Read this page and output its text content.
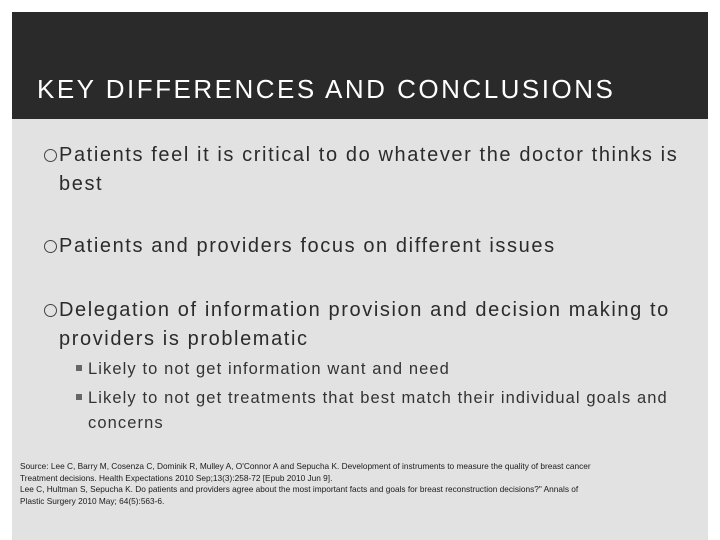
KEY DIFFERENCES AND CONCLUSIONS
Patients feel it is critical to do whatever the doctor thinks is best
Patients and providers focus on different issues
Delegation of information provision and decision making to providers is problematic
Likely to not get information want and need
Likely to not get treatments that best match their individual goals and concerns
Source: Lee C, Barry M, Cosenza C, Dominik R, Mulley A, O'Connor A and Sepucha K. Development of instruments to measure the quality of breast cancer
Treatment decisions. Health Expectations 2010 Sep;13(3):258-72 [Epub 2010 Jun 9].
Lee C, Hultman S, Sepucha K. Do patients and providers agree about the most important facts and goals for breast reconstruction decisions?" Annals of
Plastic Surgery 2010 May; 64(5):563-6.
